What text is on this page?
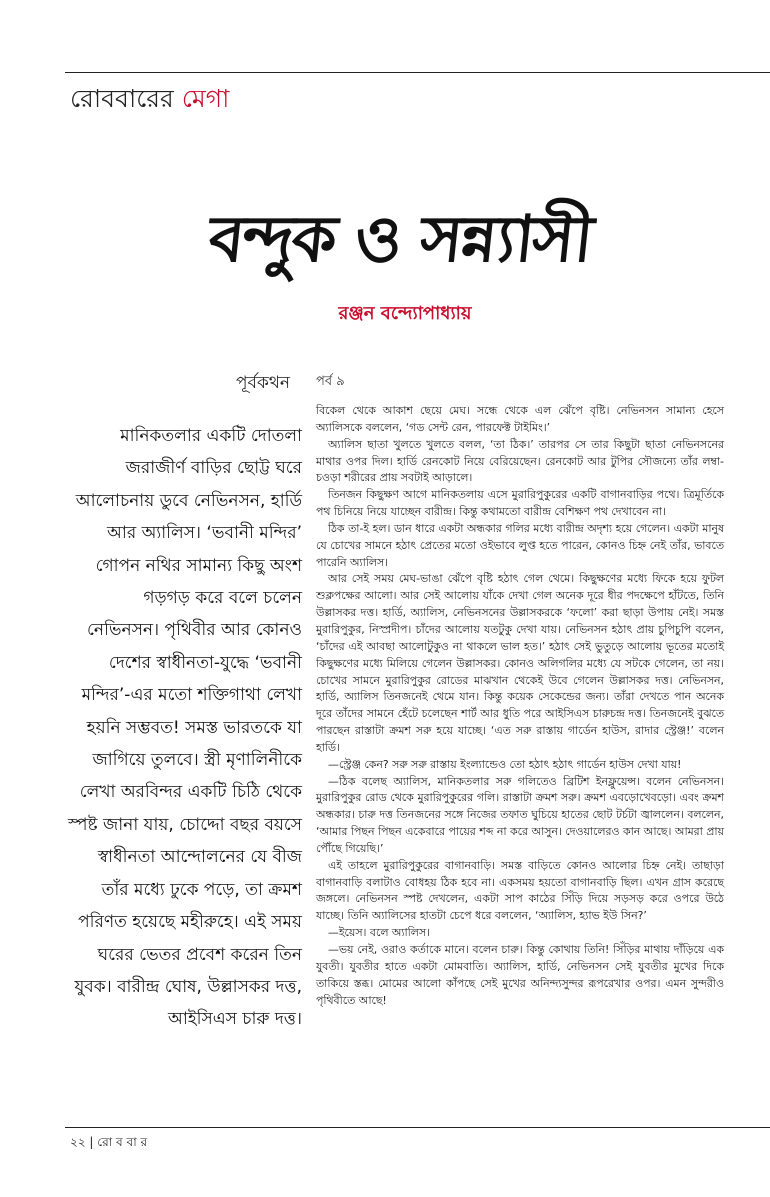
রোববারের মেগা
বন্দুক ও সন্ন্যাসী
রঞ্জন বন্দ্যোপাধ্যায়
পূর্বকথন পর্ব ৯

মানিকতলার একটি দোতলা জরাজীর্ণ বাড়ির ছোট্ট ঘরে আলোচনায় ডুবে নেভিনসন, হার্ডি আর অ্যালিস। ‘ভবানী মন্দির’ গোপন নথির সামান্য কিছু অংশ গড়গড় করে বলে চলেন নেভিনসন। পৃথিবীর আর কোনও দেশের স্বাধীনতা-যুদ্ধে ‘ভবানী মন্দির’-এর মতো শক্তিগাথা লেখা হয়নি সম্ভবত! সমস্ত ভারতকে যা জাগিয়ে তুলবে। স্ত্রী মৃণালিনীকে লেখা অরবিন্দর একটি চিঠি থেকে স্পষ্ট জানা যায়, চোদ্দো বছর বয়সে স্বাধীনতা আন্দোলনের যে বীজ তাঁর মধ্যে ঢুকে পড়ে, তা ক্রমশ পরিণত হয়েছে মহীরুহে। এই সময় ঘরের ভেতর প্রবেশ করেন তিন যুবক। বারীন্দ্র ঘোষ, উল্লাসকর দত্ত, আইসিএস চারু দত্ত।

বিকেল থেকে আকাশ ছেয়ে মেঘ। সন্ধে থেকে এল ঝেঁপে বৃষ্টি। নেভিনসন সামান্য হেসে অ্যালিসকে বললেন, ‘গড সেন্ট রেন, পারফেক্ট টাইমিং।’

অ্যালিস ছাতা খুলতে খুলতে বলল, ‘তা ঠিক।’ তারপর সে তার কিছুটা ছাতা নেভিনসনের মাথার ওপর দিল। হার্ডি রেনকোট নিয়ে বেরিয়েছেন। রেনকোট আর টুপির সৌজন্যে তাঁর লম্বা-চওড়া শরীরের প্রায় সবটাই আড়ালে।

তিনজন কিছুক্ষণ আগে মানিকতলায় এসে মুরারিপুকুরের একটি বাগানবাড়ির পথে। ত্রিমূর্তিকে পথ চিনিয়ে নিয়ে যাচ্ছেন বারীন্দ্র। কিন্তু কথামতো বারীন্দ্র বেশিক্ষণ পথ দেখাবেন না।

ঠিক তা-ই হল। ডান ধারে একটা অন্ধকার গলির মধ্যে বারীন্দ্র অদৃশ্য হয়ে গেলেন। একটা মানুষ যে চোখের সামনে হঠাৎ প্রেতের মতো ওইভাবে লুপ্ত হতে পারেন, কোনও চিহ্ন নেই তাঁর, ভাবতে পারেনি অ্যালিস।

আর সেই সময় মেঘ-ভাঙা ঝেঁপে বৃষ্টি হঠাৎ গেল থেমে। কিছুক্ষণের মধ্যে ফিকে হয়ে ফুটল শুক্লপক্ষের আলো। আর সেই আলোয় যাঁকে দেখা গেল অনেক দূরে ধীর পদক্ষেপে হাঁটতে, তিনি উল্লাসকর দত্ত। হার্ডি, অ্যালিস, নেভিনসনের উল্লাসকরকে ‘ফলো’ করা ছাড়া উপায় নেই। সমস্ত মুরারিপুকুর, নিস্প্রদীপ। চাঁদের আলোয় যতটুকু দেখা যায়। নেভিনসন হঠাৎ প্রায় চুপিচুপি বলেন, ‘চাঁদের এই আবছা আলোটুকুও না থাকলে ভাল হত।’ হঠাৎ সেই ভুতুড়ে আলোয় ভূতের মতোই কিছুক্ষণের মধ্যে মিলিয়ে গেলেন উল্লাসকর। কোনও অলিগলির মধ্যে যে সটকে গেলেন, তা নয়। চোখের সামনে মুরারিপুকুর রোডের মাঝখান থেকেই উবে গেলেন উল্লাসকর দত্ত। নেভিনসন, হার্ডি, অ্যালিস তিনজনেই থেমে যান। কিন্তু কয়েক সেকেন্ডের জন্য। তাঁরা দেখতে পান অনেক দূরে তাঁদের সামনে হেঁটে চলেছেন শার্ট আর ধুতি পরে আইসিএস চারুচন্দ্র দত্ত। তিনজনেই বুঝতে পারছেন রাস্তাটা ক্রমশ সরু হয়ে যাচ্ছে। ‘এত সরু রাস্তায় গার্ডেন হাউস, রাদার স্ট্রেঞ্জ!’ বলেন হার্ডি।

—স্ট্রেঞ্জ কেন? সরু সরু রাস্তায় ইংল্যান্ডেও তো হঠাৎ হঠাৎ গার্ডেন হাউস দেখা যায়!

—ঠিক বলেছ অ্যালিস, মানিকতলার সরু গলিতেও ব্রিটিশ ইনফ্লুয়েন্স। বলেন নেভিনসন। মুরারিপুকুর রোড থেকে মুরারিপুকুরের গলি। রাস্তাটা ক্রমশ সরু। ক্রমশ এবড়োখেবড়ো। এবং ক্রমশ অন্ধকার। চারু দত্ত তিনজনের সঙ্গে নিজের তফাত ঘুচিয়ে হাতের ছোট টর্চটা জ্বাললেন। বললেন, ‘আমার পিছন পিছন একেবারে পায়ের শব্দ না করে আসুন। দেওয়ালেরও কান আছে। আমরা প্রায় পৌঁছে গিয়েছি।’

এই তাহলে মুরারিপুকুরের বাগানবাড়ি। সমস্ত বাড়িতে কোনও আলোর চিহ্ন নেই। তাছাড়া বাগানবাড়ি বলাটাও বোধহয় ঠিক হবে না। একসময় হয়তো বাগানবাড়ি ছিল। এখন গ্রাস করেছে জঙ্গলে। নেভিনসন স্পষ্ট দেখলেন, একটা সাপ কাঠের সিঁড়ি দিয়ে সড়সড় করে ওপরে উঠে যাচ্ছে। তিনি অ্যালিসের হাতটা চেপে ধরে বললেন, ‘অ্যালিস, হ্যাভ ইউ সিন?’

—ইয়েস। বলে অ্যালিস।

—ভয় নেই, ওরাও কর্তাকে মানে। বলেন চারু। কিন্তু কোথায় তিনি! সিঁড়ির মাথায় দাঁড়িয়ে এক যুবতী। যুবতীর হাতে একটা মোমবাতি। অ্যালিস, হার্ডি, নেভিনসন সেই যুবতীর মুখের দিকে তাকিয়ে স্তব্ধ। মোমের আলো কাঁপছে সেই মুখের অনিন্দ্যসুন্দর রূপরেখার ওপর। এমন সুন্দরীও পৃথিবীতে আছে!

২২ | রো ব বা র
